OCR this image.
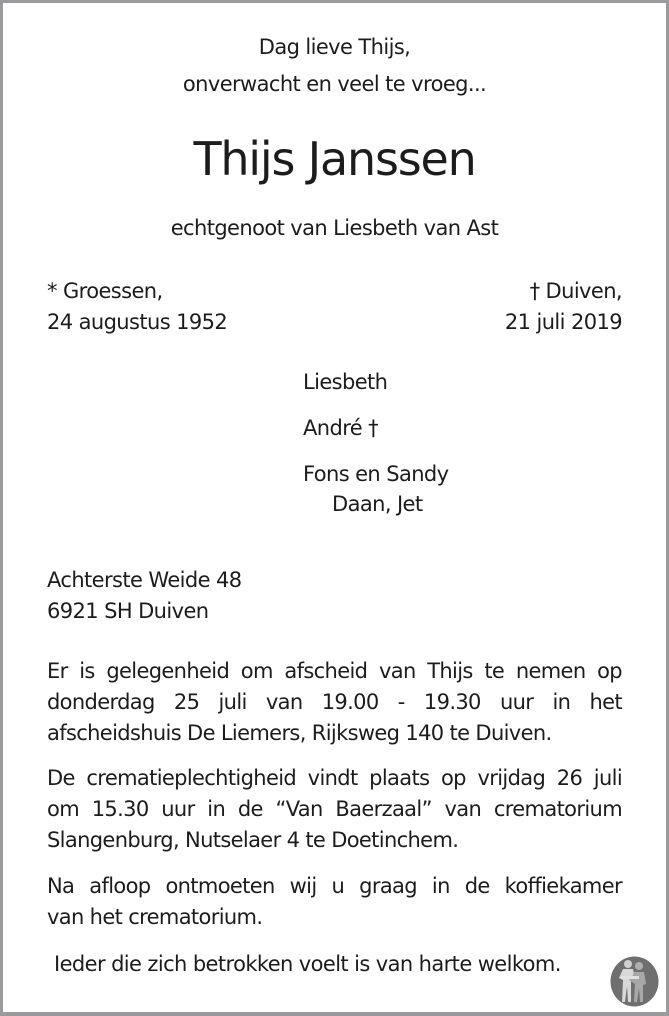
Dag lieve Thijs,
onverwacht en veel te vroeg...
Thijs Janssen
echtgenoot van Liesbeth van Ast
* Groessen,
24 augustus 1952
† Duiven,
21 juli 2019
Liesbeth
André †
Fons en Sandy
Daan, Jet
Achterste Weide 48
6921 SH Duiven
Er is gelegenheid om afscheid van Thijs te nemen op
donderdag 25 juli van 19.00 - 19.30 uur in het
afscheidshuis De Liemers, Rijksweg 140 te Duiven.
De crematieplechtigheid vindt plaats op vrijdag 26 juli
om 15.30 uur in de “Van Baerzaal” van crematorium
Slangenburg, Nutselaer 4 te Doetinchem.
Na afloop ontmoeten wij u graag in de koffiekamer
van het crematorium.
Ieder die zich betrokken voelt is van harte welkom.
